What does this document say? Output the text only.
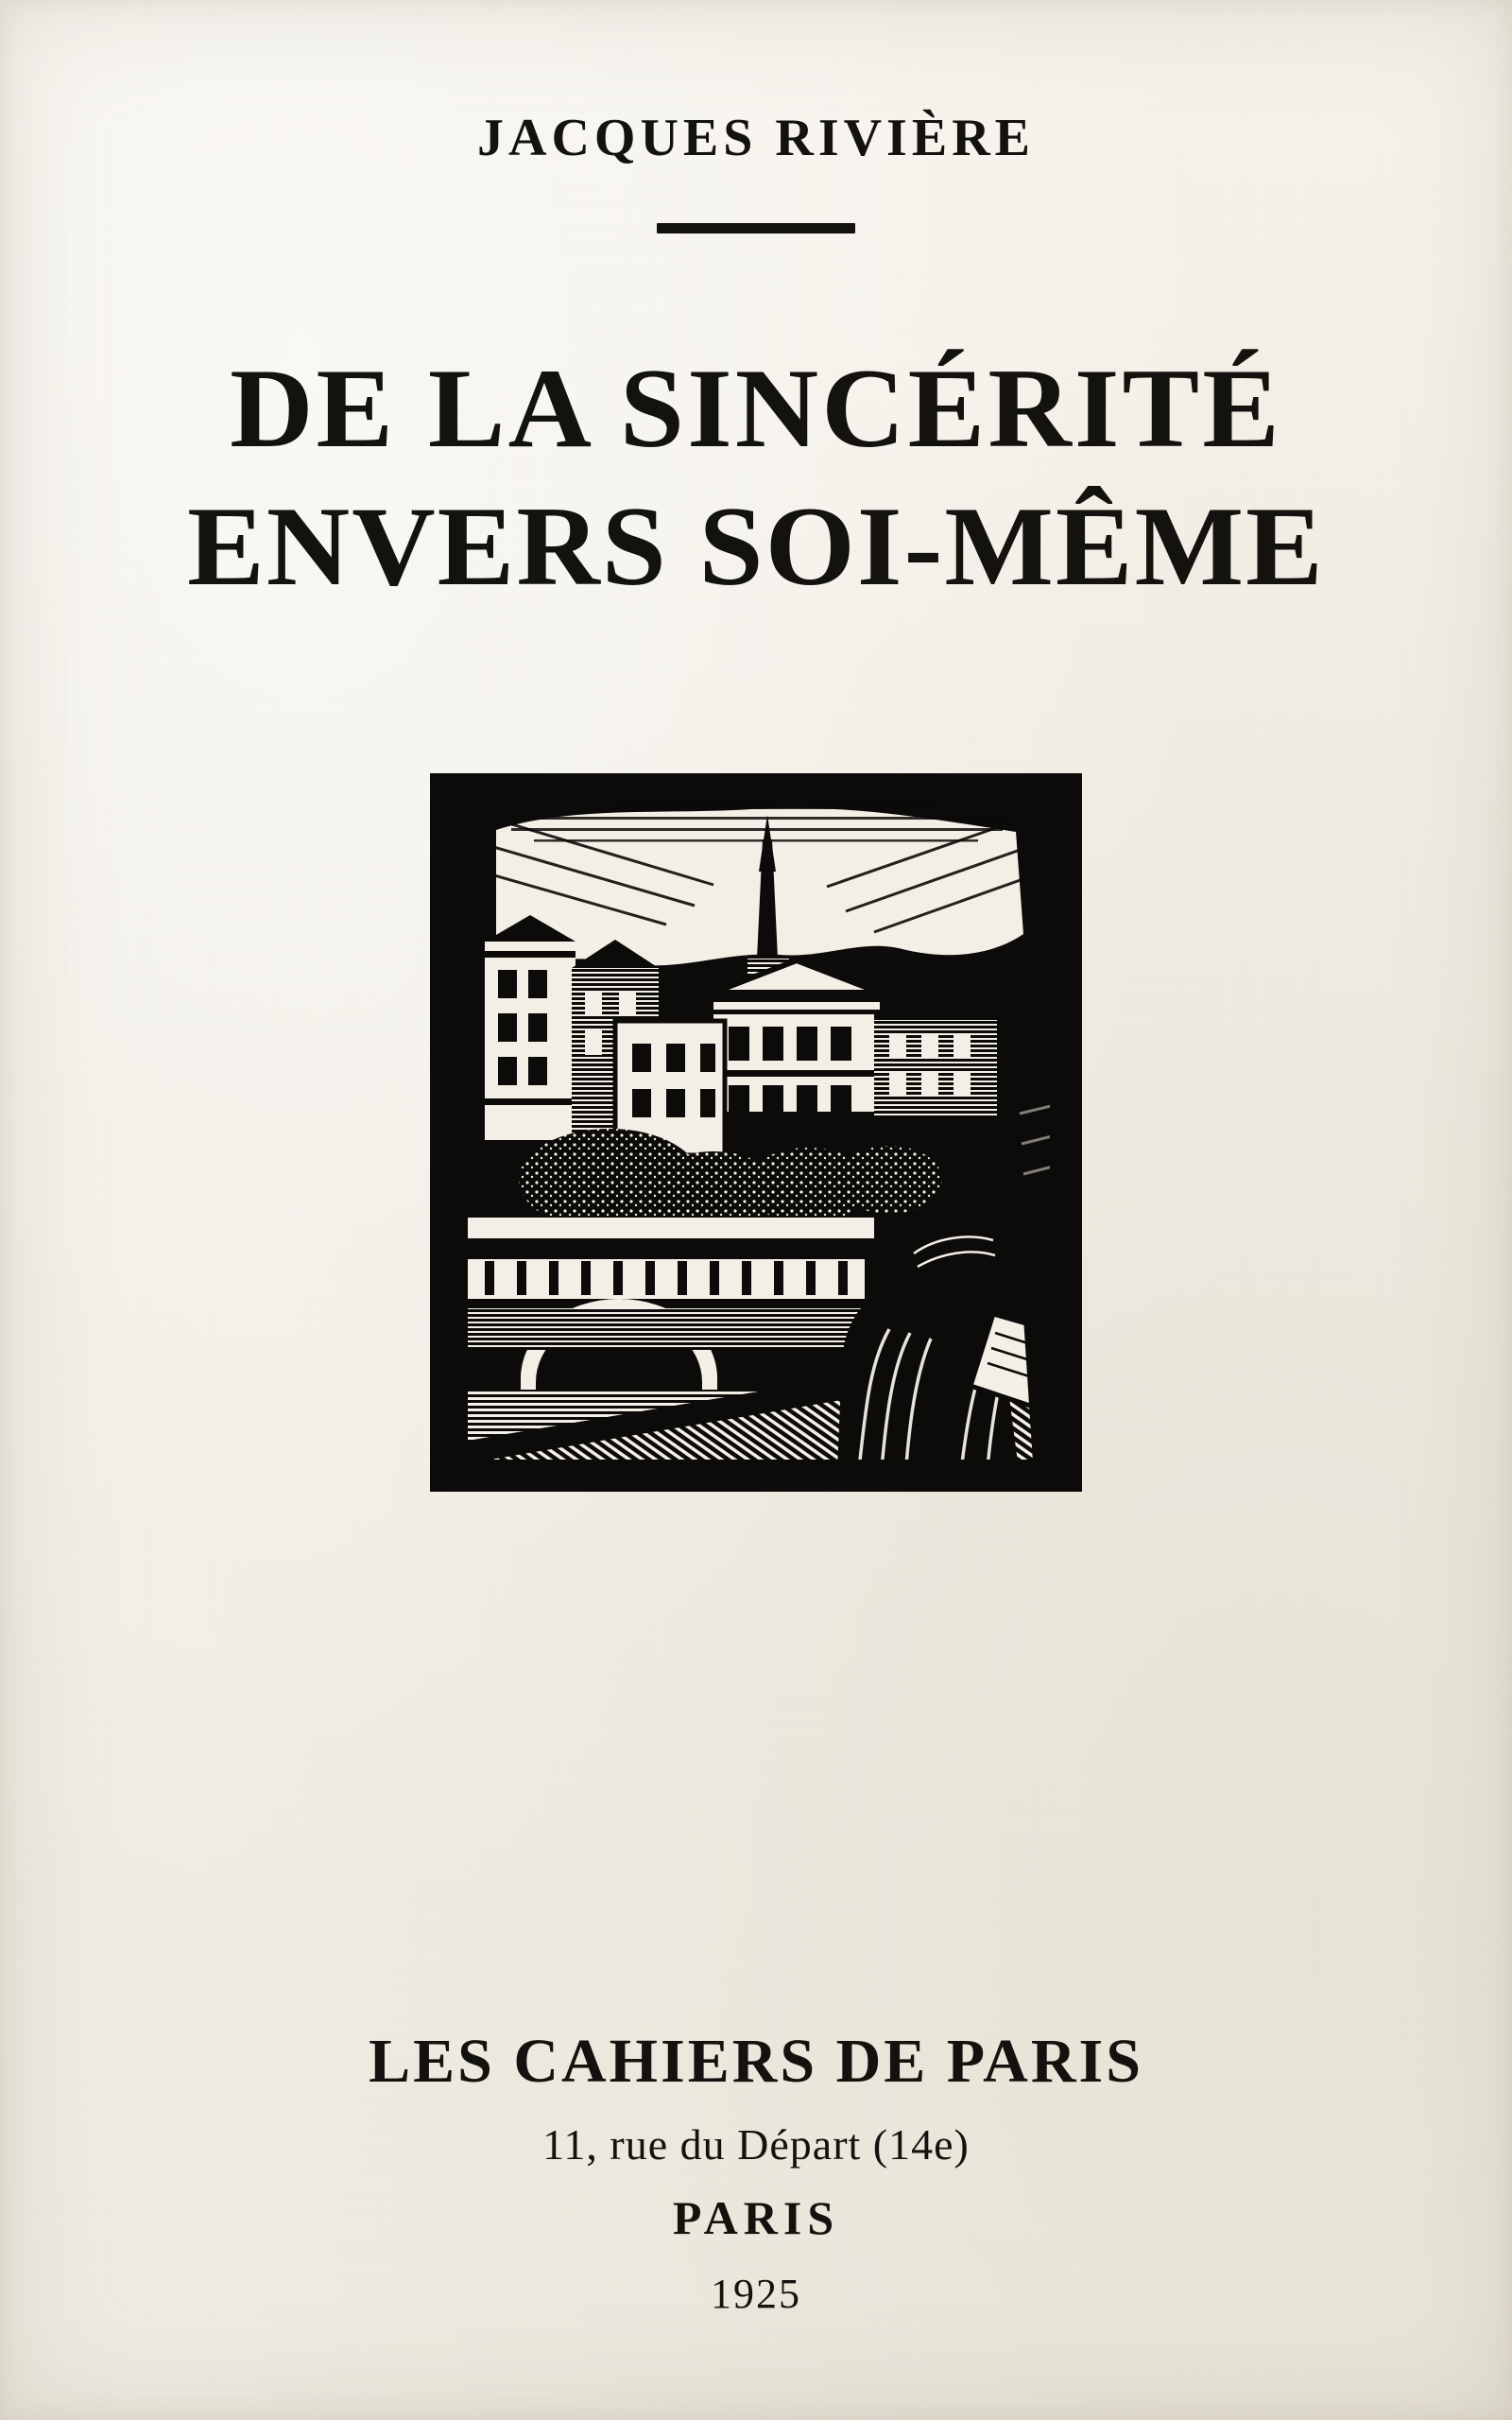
JACQUES RIVIÈRE
DE LA SINCÉRITÉ
ENVERS SOI-MÊME
LES CAHIERS DE PARIS
11, rue du Départ (14e)
PARIS
1925
